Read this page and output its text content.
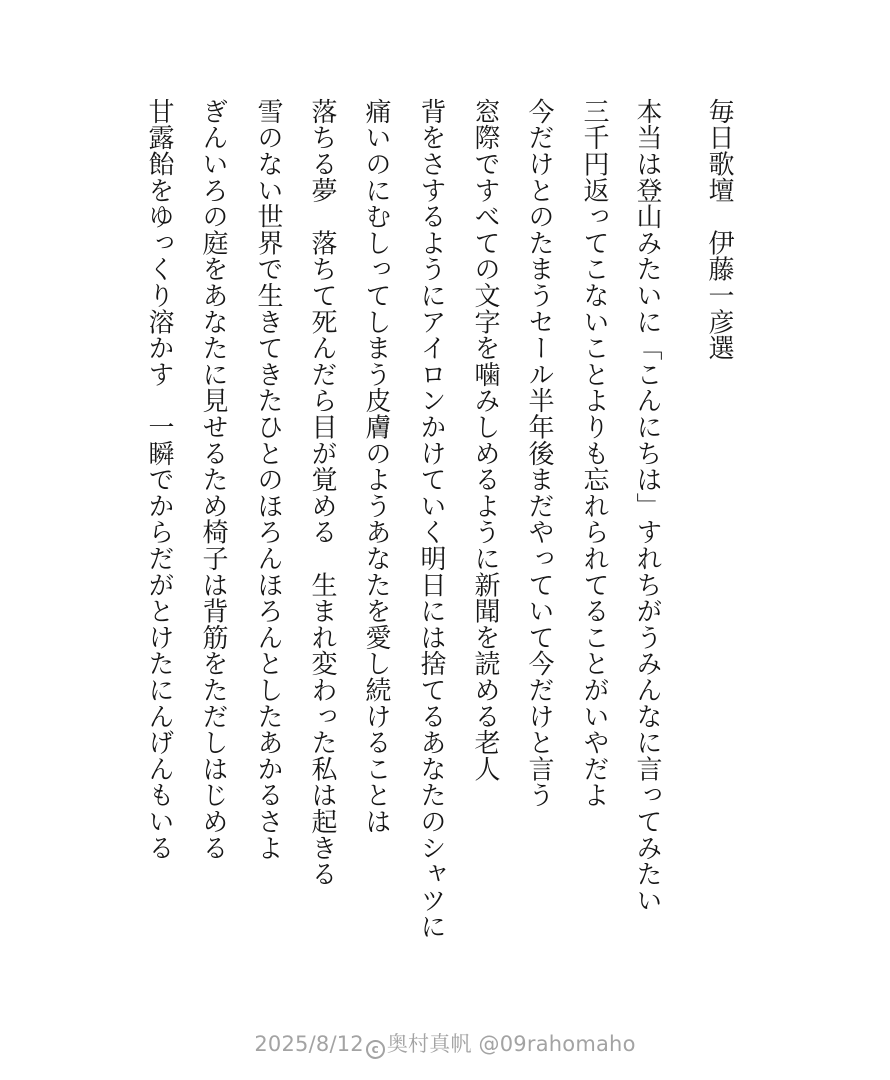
毎日歌壇　伊藤一彦選
本当は登山みたいに「こんにちは」すれちがうみんなに言ってみたい
三千円返ってこないことよりも忘れられてることがいやだよ
今だけとのたまうセール半年後まだやっていて今だけと言う
窓際ですべての文字を噛みしめるように新聞を読める老人
背をさするようにアイロンかけていく明日には捨てるあなたのシャツに
痛いのにむしってしまう皮膚のようあなたを愛し続けることは
落ちる夢　落ちて死んだら目が覚める　生まれ変わった私は起きる
雪のない世界で生きてきたひとのほろんほろんとしたあかるさよ
ぎんいろの庭をあなたに見せるため椅子は背筋をただしはじめる
甘露飴をゆっくり溶かす　一瞬でからだがとけたにんげんもいる
2025/8/12 c 奥村真帆 @09rahomaho
